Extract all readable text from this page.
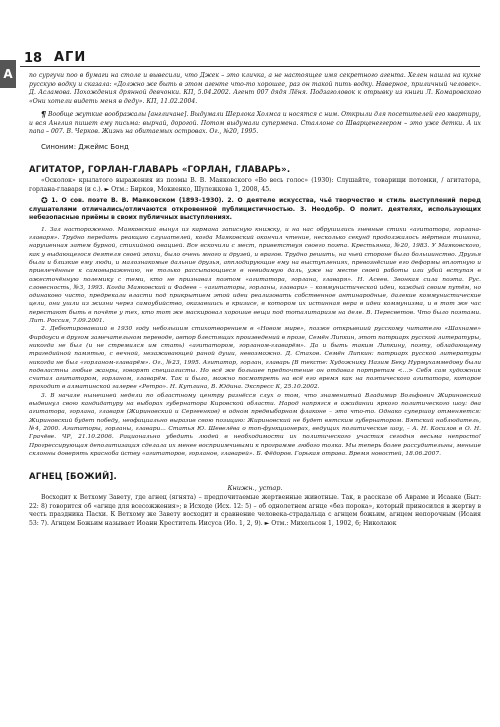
А
18 АГИ

по сургучи поо в бумаги на столе и вывесили, что Джек – это кличка, а не настоящее имя секретного агента. Хелен нашла на кухне русскую водку и сказала: «Должно же быть в этом агенте что-то хорошее, раз он такой пить водку. Наверное, приличный человек». Д. Асламова. Похождения дрянной девчонки. КП, 5.04.2002. Агент 007 дядя Лёня. Подзаголовок к отрывку из книги Л. Комаровского «Они хотели видеть меня в деду». КП, 11.02.2004.

¶ Вообще жуткие воображалы [англичане]. Выдумали Шерлока Холмса и носятся с ним. Открыли для посетителей его квартиру, и вся Англия пишет ему письма: вырчай, дорогой. Потом выдумали супермена. Сталлоне со Шварценеггером – это уже детки. А их папа – 007. В. Черков. Жизнь на обитаемых островах. Ог., №20, 1995.

Синоним: Джеймс Бонд

АГИТАТОР, ГОРЛАН-ГЛАВАРЬ «ГОРЛАН, ГЛАВАРЬ».

«Осколок» крылатого выражения из поэмы В. В. Маяковского «Во весь голос» (1930): Слушайте, товарищи потомки, / агитатора, горлана-главаря (и с.). ► Отм.: Бирков, Мокиенко, Шулежкова 1, 2008, 45.

✪ 1. О сов. поэте В. В. Маяковском (1893–1930). 2. О деятеле искусства, чьё творчество и стиль выступлений перед слушателями отличались/отличаются откровенной публицистичностью. 3. Неодобр. О полит. деятелях, использующих небезопасные приёмы в своих публичных выступлениях.

1. Зал настороженно. Маяковский вынул из кармана записную книжку, и на нас обрушились гневные стихи «агитатора, горлана-главаря». Трудно передать реакцию слушателей, когда Маяковский окончил чтение, несколько секунд продолжалось мёртвая тишина, нарушенная затем бурной, стихийной овацией. Все вскочили с мест, приветствуя своего поэта. Крестьянка, №20, 1983. У Маяковского, как у выдающегося деятеля своей эпохи, было очень много и друзей, и врагов. Трудно решить, на чьей стороне было большинство. Друзья были и близкие ему люди, и малознакомые дальние друзья, апплодирующие ему на выступлениях, превознёсшие его деформы вплотную и привлечённые к самовыражению, не только рассыпающиеся в невидимую даль, уже на месте своей работы или убий вступая в ожесточённую полемику с теми, кто не признавал поэтом «агитатора, горлана, главаря». Н. Асеев. Звонкая сила поэта. Рус. словесность, №3, 1993. Когда Маяковский и Фадеев – «агитаторы, горланы, главари» – коммунистической идеи, каждый своим путём, но одинаково чисто, предрекали власти под прикрытием этой идеи реализовать собственное антинародные, далекие коммунистические цели, они ушли из жизни через самоубийство, оказавшись в кризисе, в котором их истинная вера в идеи коммунизма, и в тот же час перестают быть в почёте у тех, кто тот же маскировал хорошие вещи под тоталитаризм на деле. В. Пересветов. Что было поэтами. Лит. Россия, 7.09.2001.

2. Дебютировавший в 1930 году небольшим стихотворением в «Новом мире», позже открывший русскому читателю «Шахнаме» Фирдоуси в другом замечательном переводе, автор блестящих произведений в прозе, Семён Липкин, этот патриарх русской литературы, никогда не был (и не стремился им стать) «агитатором, горланом-главарём». Да и быть таким Липкину, поэту, обладающему трагедийной памятью, с вечной, незаживающей раной души, невозможно. Д. Стахов. Семён Липкин: патриарх русской литературы никогда не был «горланом-главарём». Ог., №23, 1995. Агитатор, горлан, главарь [В тексте: Художнику Назим Беку Нурмухаммедову были подвластны любые жанры, говорят специалисты. Но всё же большее предпочтение он отдавал портретам <...> Себя сам художник считал агитатором, горланом, главарём. Так и было, можно посмотреть на всё его время как на поэтического агитатора, которое проходит в алматинской галерее «Ретро». Н. Кутлина, В. Юдина. Экспресс К, 25.10.2002.

3. В начале нынешней недели по областному центру разнёсся слух о том, что знаменитый Владимир Вольфович Жириновский выдвинул свою кандидатуру на выборах губернатора Кировской области. Народ напрягся в ожидании яркого политического шоу: два агитатора, горлана, главаря (Жириновский и Сергеенков) в одном предвыборном флаконе – это что-то. Однако супершоу отменяется: Жириновский будет победу, неофициально выразив свою позицию: Жириновский не будет вятским губернатором. Вятский наблюдатель, №4, 2000. Агитаторы, горланы, главари... Статья Ю. Шевелёва о топ-функционерах, ведущих политические шоу, – А. Н. Косилов в О. Н. Грачёве. ЧР, 21.10.2006. Рационально убедить людей в необходимости их политического участия сегодня весьма непросто! Прогрессирующая деполитизация сделала их менее восприимчивыми к программе любого толка. Мы теперь более рассудительны, меньше склонны доверять красноба йству «агитаторов, горланов, главарей». Б. Фёдоров. Горькая отрава. Время новостей, 18.06.2007.

АГНЕЦ [БОЖИЙ].
Книжн., устар.

Восходит к Ветхому Завету, где агнец (ягнята) – предпочитаемые жертвенные животные. Так, в рассказе об Авраме и Исааке (Быт: 22: 8) говорится об «агнце для всесожжения»; в Исходе (Исх. 12: 5) – об однолетнем агнце «без порока», который приносился в жертву в честь праздника Пасхи. К Ветхому же Завету восходит и сравнение человека-страдальца с агнцем божьим, агнцем непорочным (Исаия 53: 7). Агнцем Божьим называет Иоанн Креститель Иисуса (Ио. 1, 2, 9). ► Отм.: Михельсон 1, 1902, 6; Николаюк
